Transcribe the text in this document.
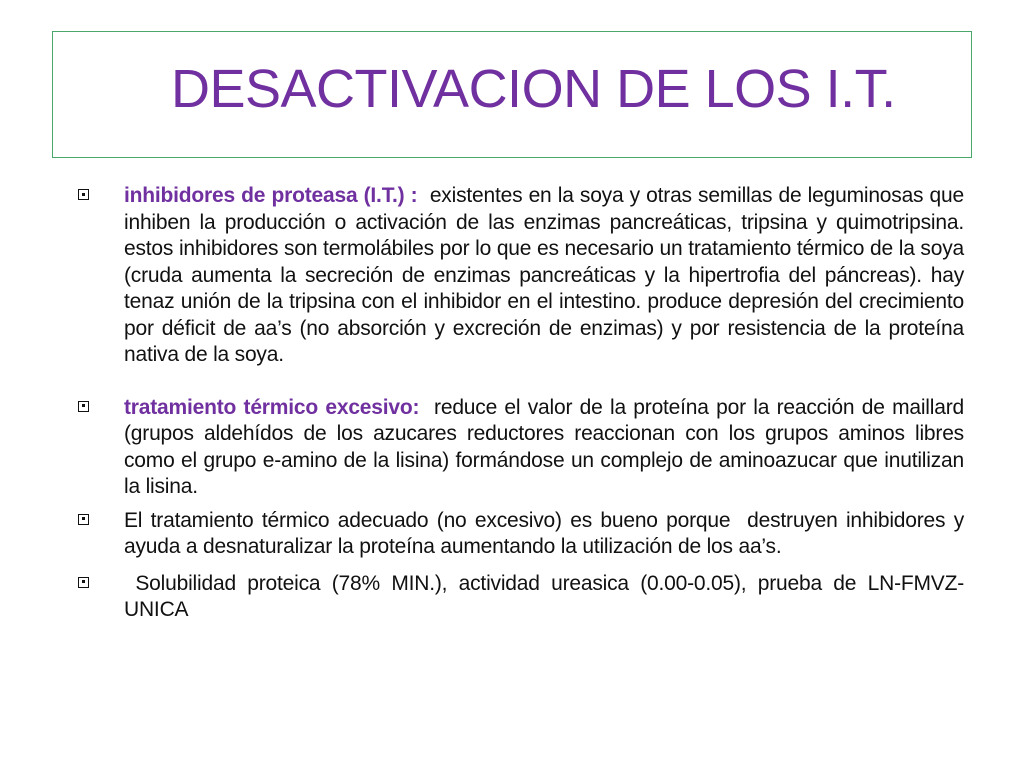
DESACTIVACION DE LOS I.T.
inhibidores de proteasa (I.T.) :  existentes en la soya y otras semillas de leguminosas que inhiben la producción o activación de las enzimas pancreáticas, tripsina y quimotripsina. estos inhibidores son termolábiles por lo que es necesario un tratamiento térmico de la soya (cruda aumenta la secreción de enzimas pancreáticas y la hipertrofia del páncreas). hay tenaz unión de la tripsina con el inhibidor en el intestino. produce depresión del crecimiento por déficit de aa’s (no absorción y excreción de enzimas) y por resistencia de la proteína nativa de la soya.
tratamiento térmico excesivo:  reduce el valor de la proteína por la reacción de maillard (grupos aldehídos de los azucares reductores reaccionan con los grupos aminos libres como el grupo e-amino de la lisina) formándose un complejo de aminoazucar que inutilizan la lisina.
El tratamiento térmico adecuado (no excesivo) es bueno porque  destruyen inhibidores y ayuda a desnaturalizar la proteína aumentando la utilización de los aa’s.
Solubilidad proteica (78% MIN.), actividad ureasica (0.00-0.05), prueba de LN-FMVZ-UNICA
